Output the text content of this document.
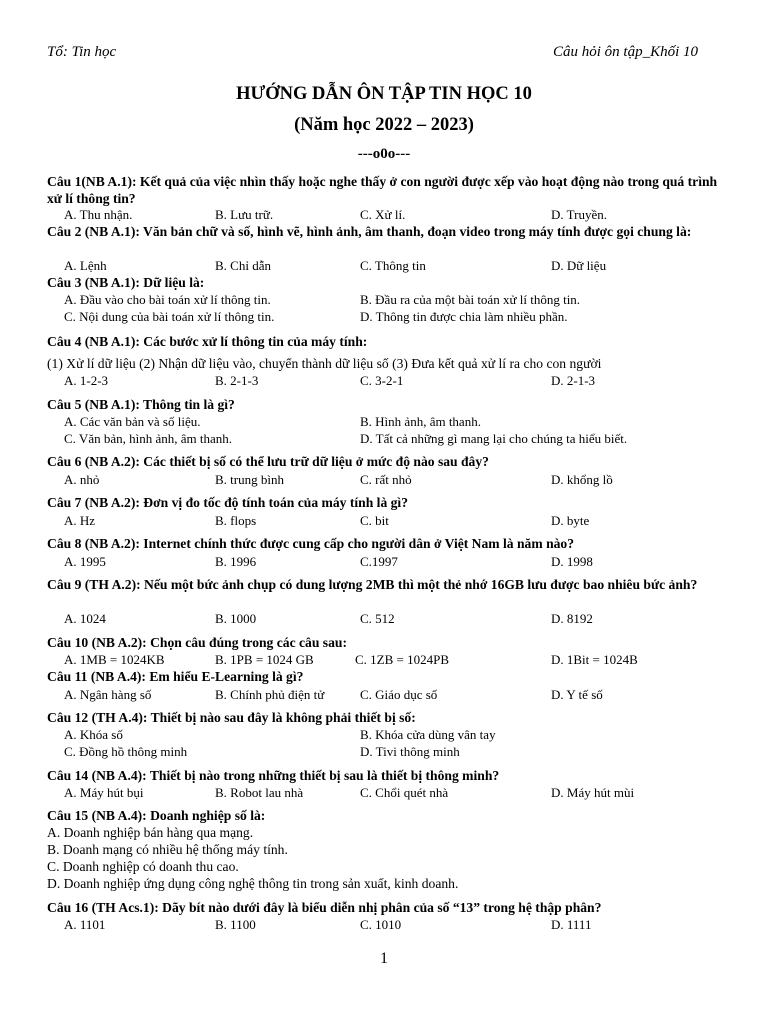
Tổ: Tin học	Câu hỏi ôn tập_Khối 10
HƯỚNG DẪN ÔN TẬP TIN HỌC 10
(Năm học 2022 – 2023)
---o0o---
Câu 1(NB A.1): Kết quả của việc nhìn thấy hoặc nghe thấy ở con người được xếp vào hoạt động nào trong quá trình xử lí thông tin?
A. Thu nhận.	B. Lưu trữ.	C. Xử lí.	D. Truyền.
Câu 2 (NB A.1): Văn bản chữ và số, hình vẽ, hình ảnh, âm thanh, đoạn video trong máy tính được gọi chung là:
A. Lệnh	B. Chỉ dẫn	C. Thông tin	D. Dữ liệu
Câu 3 (NB A.1): Dữ liệu là:
A. Đầu vào cho bài toán xử lí thông tin.	B. Đầu ra của một bài toán xử lí thông tin.
C. Nội dung của bài toán xử lí thông tin.	D. Thông tin được chia làm nhiều phần.
Câu 4 (NB A.1): Các bước xử lí thông tin của máy tính:
(1) Xử lí dữ liệu (2) Nhận dữ liệu vào, chuyển thành dữ liệu số (3) Đưa kết quả xử lí ra cho con người
A. 1-2-3	B. 2-1-3	C. 3-2-1	D. 2-1-3
Câu 5 (NB A.1): Thông tin là gì?
A. Các văn bản và số liệu.	B. Hình ảnh, âm thanh.
C. Văn bản, hình ảnh, âm thanh.	D. Tất cả những gì mang lại cho chúng ta hiểu biết.
Câu 6 (NB A.2): Các thiết bị số có thể lưu trữ dữ liệu ở mức độ nào sau đây?
A. nhỏ	B. trung bình	C. rất nhỏ	D. khổng lồ
Câu 7 (NB A.2): Đơn vị đo tốc độ tính toán của máy tính là gì?
A. Hz	B. flops	C. bit	D. byte
Câu 8 (NB A.2): Internet chính thức được cung cấp cho người dân ở Việt Nam là năm nào?
A. 1995	B. 1996	C.1997	D. 1998
Câu 9 (TH A.2): Nếu một bức ảnh chụp có dung lượng 2MB thì một thẻ nhớ 16GB lưu được bao nhiêu bức ảnh?
A. 1024	B. 1000	C. 512	D. 8192
Câu 10 (NB A.2): Chọn câu đúng trong các câu sau:
A. 1MB = 1024KB	B. 1PB = 1024 GB	C. 1ZB = 1024PB	D. 1Bit = 1024B
Câu 11 (NB A.4): Em hiểu E-Learning là gì?
A. Ngân hàng số	B. Chính phủ điện tử	C. Giáo dục số	D. Y tế số
Câu 12 (TH A.4): Thiết bị nào sau đây là không phải thiết bị số:
A. Khóa số	B. Khóa cửa dùng vân tay
C. Đồng hồ thông minh	D. Tivi thông minh
Câu 14 (NB A.4): Thiết bị nào trong những thiết bị sau là thiết bị thông minh?
A. Máy hút bụi	B. Robot lau nhà	C. Chổi quét nhà	D. Máy hút mùi
Câu 15 (NB A.4): Doanh nghiệp số là:
A. Doanh nghiệp bán hàng qua mạng.
B. Doanh mạng có nhiều hệ thống máy tính.
C. Doanh nghiệp có doanh thu cao.
D. Doanh nghiệp ứng dụng công nghệ thông tin trong sản xuất, kinh doanh.
Câu 16 (TH Acs.1): Dãy bít nào dưới đây là biểu diễn nhị phân của số “13” trong hệ thập phân?
A. 1101	B. 1100	C. 1010	D. 1111
1
